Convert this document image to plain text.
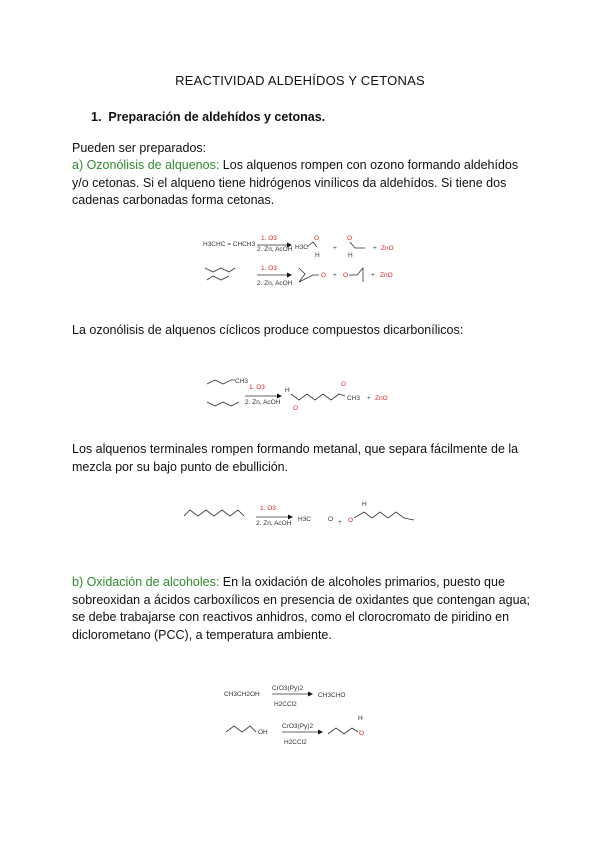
REACTIVIDAD ALDEHÍDOS Y CETONAS
1. Preparación de aldehídos y cetonas.
Pueden ser preparados:
a) Ozonólisis de alquenos: Los alquenos rompen con ozono formando aldehídos y/o cetonas. Si el alqueno tiene hidrógenos vinílicos da aldehídos. Si tiene dos cadenas carbonadas forma cetonas.
H3CHC = CHCH3
1. O3
2. Zn, AcOH H3C
O
H
+
O
H
+ ZnO
1. O3
2. Zn, AcOH
O + O	+ ZnO
La ozonólisis de alquenos cíclicos produce compuestos dicarbonílicos:
CH3
1. O3
2. Zn, AcOH
H
O
O
CH3 + ZnO
Los alquenos terminales rompen formando metanal, que separa fácilmente de la mezcla por su bajo punto de ebullición.
1. O3
2. Zn, AcOH
H3C	O + O
H
b) Oxidación de alcoholes: En la oxidación de alcoholes primarios, puesto que sobreoxidan a ácidos carboxílicos en presencia de oxidantes que contengan agua; se debe trabajarse con reactivos anhidros, como el clorocromato de piridino en diclorometano (PCC), a temperatura ambiente.
CH3CH2OH
CrO3(Py)2
H2CCl2
CH3CHO
OH
CrO3(Py)2
H2CCl2
O
H
